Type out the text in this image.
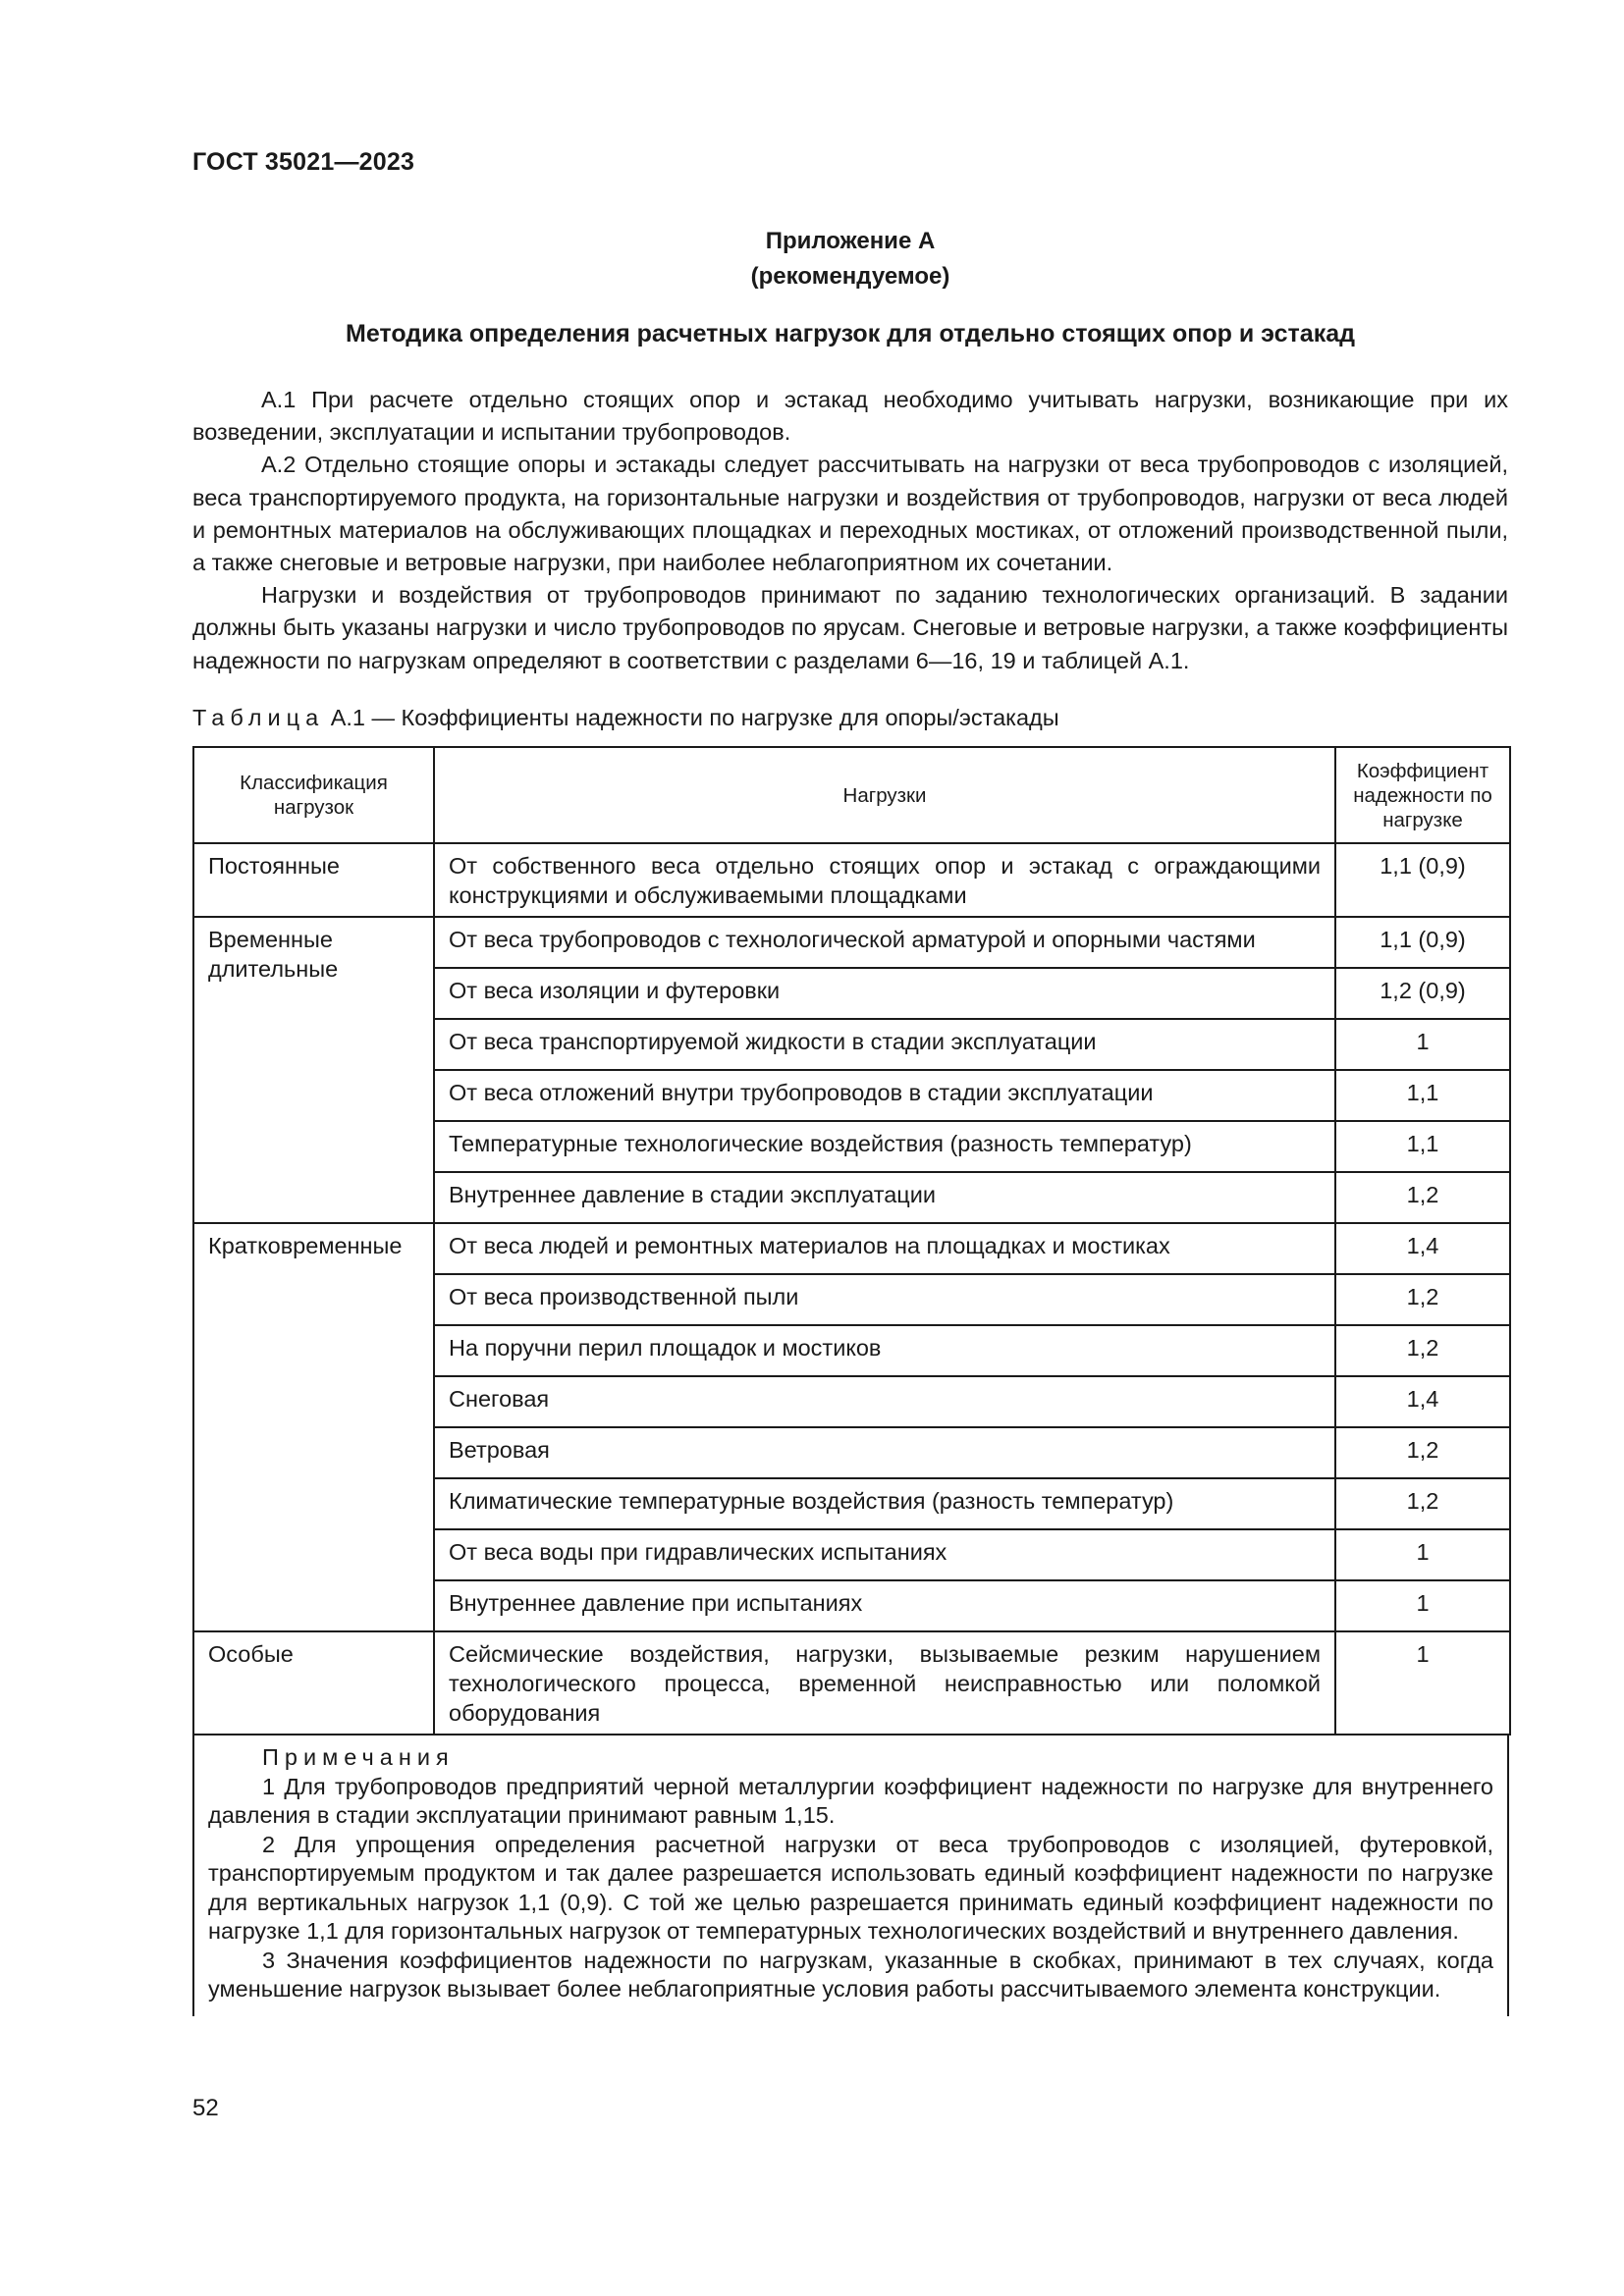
ГОСТ 35021—2023
Приложение А
(рекомендуемое)
Методика определения расчетных нагрузок для отдельно стоящих опор и эстакад

А.1 При расчете отдельно стоящих опор и эстакад необходимо учитывать нагрузки, возникающие при их возведении, эксплуатации и испытании трубопроводов.

А.2 Отдельно стоящие опоры и эстакады следует рассчитывать на нагрузки от веса трубопроводов с изоляцией, веса транспортируемого продукта, на горизонтальные нагрузки и воздействия от трубопроводов, нагрузки от веса людей и ремонтных материалов на обслуживающих площадках и переходных мостиках, от отложений производственной пыли, а также снеговые и ветровые нагрузки, при наиболее неблагоприятном их сочетании.

Нагрузки и воздействия от трубопроводов принимают по заданию технологических организаций. В задании должны быть указаны нагрузки и число трубопроводов по ярусам. Снеговые и ветровые нагрузки, а также коэффициенты надежности по нагрузкам определяют в соответствии с разделами 6—16, 19 и таблицей А.1.

Таблица А.1 — Коэффициенты надежности по нагрузке для опоры/эстакады
Классификация нагрузок	Нагрузки	Коэффициент надежности по нагрузке
Постоянные	От собственного веса отдельно стоящих опор и эстакад с ограждающими конструкциями и обслуживаемыми площадками	1,1 (0,9)
Временные длительные	От веса трубопроводов с технологической арматурой и опорными частями	1,1 (0,9)
	От веса изоляции и футеровки	1,2 (0,9)
	От веса транспортируемой жидкости в стадии эксплуатации	1
	От веса отложений внутри трубопроводов в стадии эксплуатации	1,1
	Температурные технологические воздействия (разность температур)	1,1
	Внутреннее давление в стадии эксплуатации	1,2
Кратковременные	От веса людей и ремонтных материалов на площадках и мостиках	1,4
	От веса производственной пыли	1,2
	На поручни перил площадок и мостиков	1,2
	Снеговая	1,4
	Ветровая	1,2
	Климатические температурные воздействия (разность температур)	1,2
	От веса воды при гидравлических испытаниях	1
	Внутреннее давление при испытаниях	1
Особые	Сейсмические воздействия, нагрузки, вызываемые резким нарушением технологического процесса, временной неисправностью или поломкой оборудования	1
Примечания

1 Для трубопроводов предприятий черной металлургии коэффициент надежности по нагрузке для внутреннего давления в стадии эксплуатации принимают равным 1,15.

2 Для упрощения определения расчетной нагрузки от веса трубопроводов с изоляцией, футеровкой, транспортируемым продуктом и так далее разрешается использовать единый коэффициент надежности по нагрузке для вертикальных нагрузок 1,1 (0,9). С той же целью разрешается принимать единый коэффициент надежности по нагрузке 1,1 для горизонтальных нагрузок от температурных технологических воздействий и внутреннего давления.

3 Значения коэффициентов надежности по нагрузкам, указанные в скобках, принимают в тех случаях, когда уменьшение нагрузок вызывает более неблагоприятные условия работы рассчитываемого элемента конструкции.

52
